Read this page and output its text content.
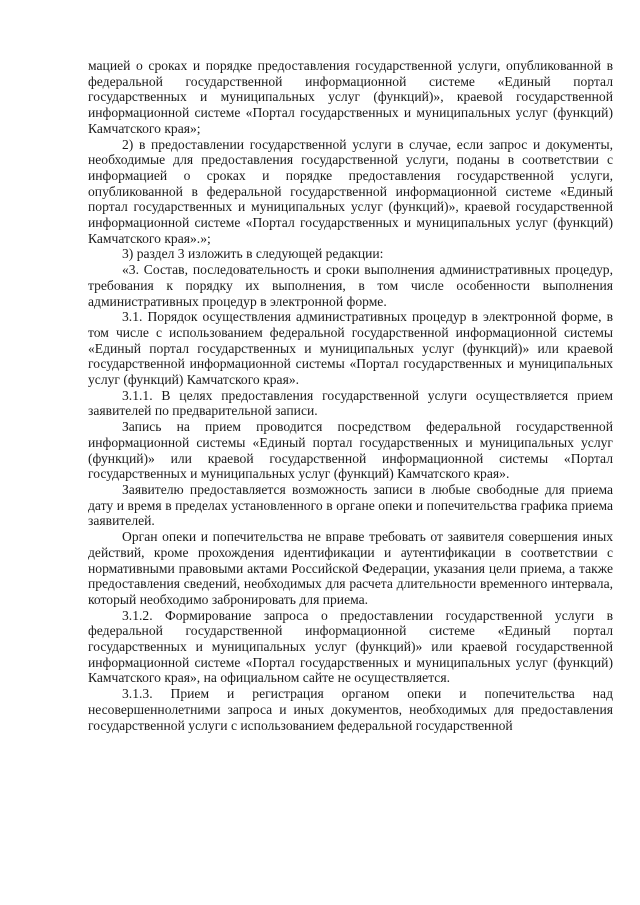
мацией о сроках и порядке предоставления государственной услуги, опубликованной в федеральной государственной информационной системе «Единый портал государственных и муниципальных услуг (функций)», краевой государственной информационной системе «Портал государственных и муниципальных услуг (функций) Камчатского края»;

2) в предоставлении государственной услуги в случае, если запрос и документы, необходимые для предоставления государственной услуги, поданы в соответствии с информацией о сроках и порядке предоставления государственной услуги, опубликованной в федеральной государственной информационной системе «Единый портал государственных и муниципальных услуг (функций)», краевой государственной информационной системе «Портал государственных и муниципальных услуг (функций) Камчатского края».»;

3) раздел 3 изложить в следующей редакции:

«3. Состав, последовательность и сроки выполнения административных процедур, требования к порядку их выполнения, в том числе особенности выполнения административных процедур в электронной форме.

3.1. Порядок осуществления административных процедур в электронной форме, в том числе с использованием федеральной государственной информационной системы «Единый портал государственных и муниципальных услуг (функций)» или краевой государственной информационной системы «Портал государственных и муниципальных услуг (функций) Камчатского края».

3.1.1. В целях предоставления государственной услуги осуществляется прием заявителей по предварительной записи.

Запись на прием проводится посредством федеральной государственной информационной системы «Единый портал государственных и муниципальных услуг (функций)» или краевой государственной информационной системы «Портал государственных и муниципальных услуг (функций) Камчатского края».

Заявителю предоставляется возможность записи в любые свободные для приема дату и время в пределах установленного в органе опеки и попечительства графика приема заявителей.

Орган опеки и попечительства не вправе требовать от заявителя совершения иных действий, кроме прохождения идентификации и аутентификации в соответствии с нормативными правовыми актами Российской Федерации, указания цели приема, а также предоставления сведений, необходимых для расчета длительности временного интервала, который необходимо забронировать для приема.

3.1.2. Формирование запроса о предоставлении государственной услуги в федеральной государственной информационной системе «Единый портал государственных и муниципальных услуг (функций)» или краевой государственной информационной системе «Портал государственных и муниципальных услуг (функций) Камчатского края», на официальном сайте не осуществляется.

3.1.3. Прием и регистрация органом опеки и попечительства над несовершеннолетними запроса и иных документов, необходимых для предоставления государственной услуги с использованием федеральной государственной
